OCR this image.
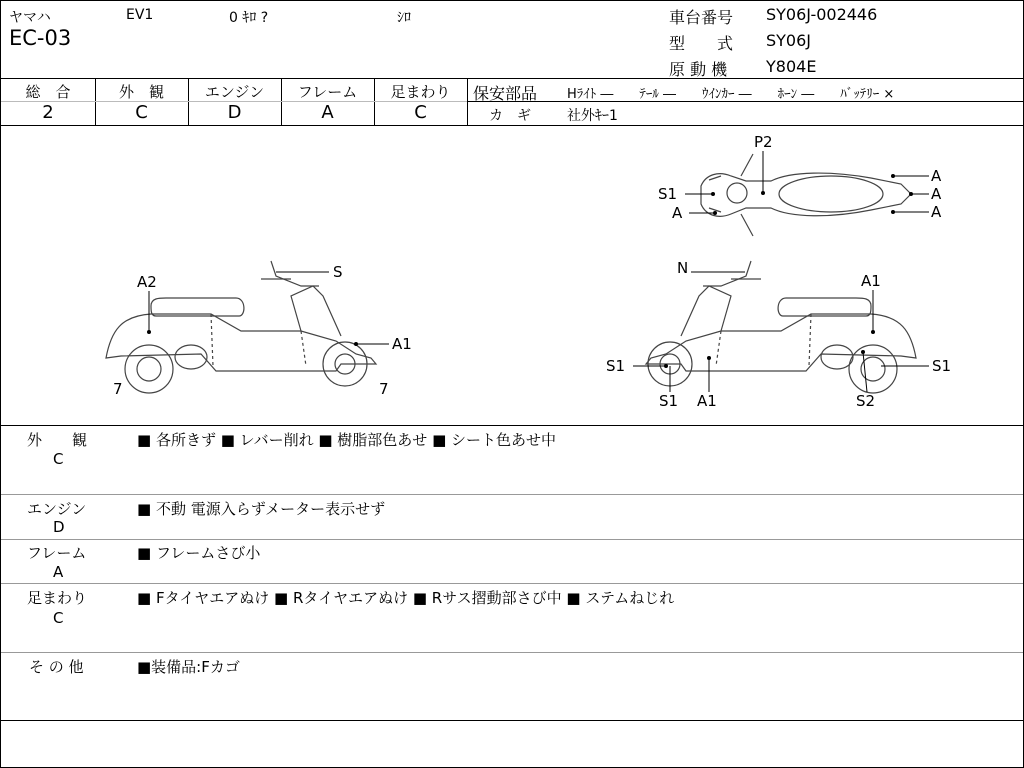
ヤマハ	EV1	0 ｷﾛ ?	ｼﾛ
EC-03
車台番号 SY06J-002446
型　　式 SY06J
原 動 機 Y804E
総　合
2
外　観
C
エンジン
D
フレーム
A
足まわり
C
保安部品 Hﾗｲﾄ ―　　ﾃｰﾙ ―　　ｳｲﾝｶｰ ―　　ﾎｰﾝ ―　　ﾊﾞｯﾃﾘｰ ×
カ　ギ	社外ｷｰ1
S
A2
A1
7	7
P2
S1
A
A
A
A
N
A1
S1	S1
S1 A1	S2
外　　観
C
■ 各所きず ■ レバー削れ ■ 樹脂部色あせ ■ シート色あせ中
エンジン
D
■ 不動 電源入らずメーター表示せず
フレーム
A
■ フレームさび小
足まわり
C
■ Fタイヤエアぬけ ■ Rタイヤエアぬけ ■ Rサス摺動部さび中 ■ ステムねじれ
そ の 他	■装備品:Fカゴ
